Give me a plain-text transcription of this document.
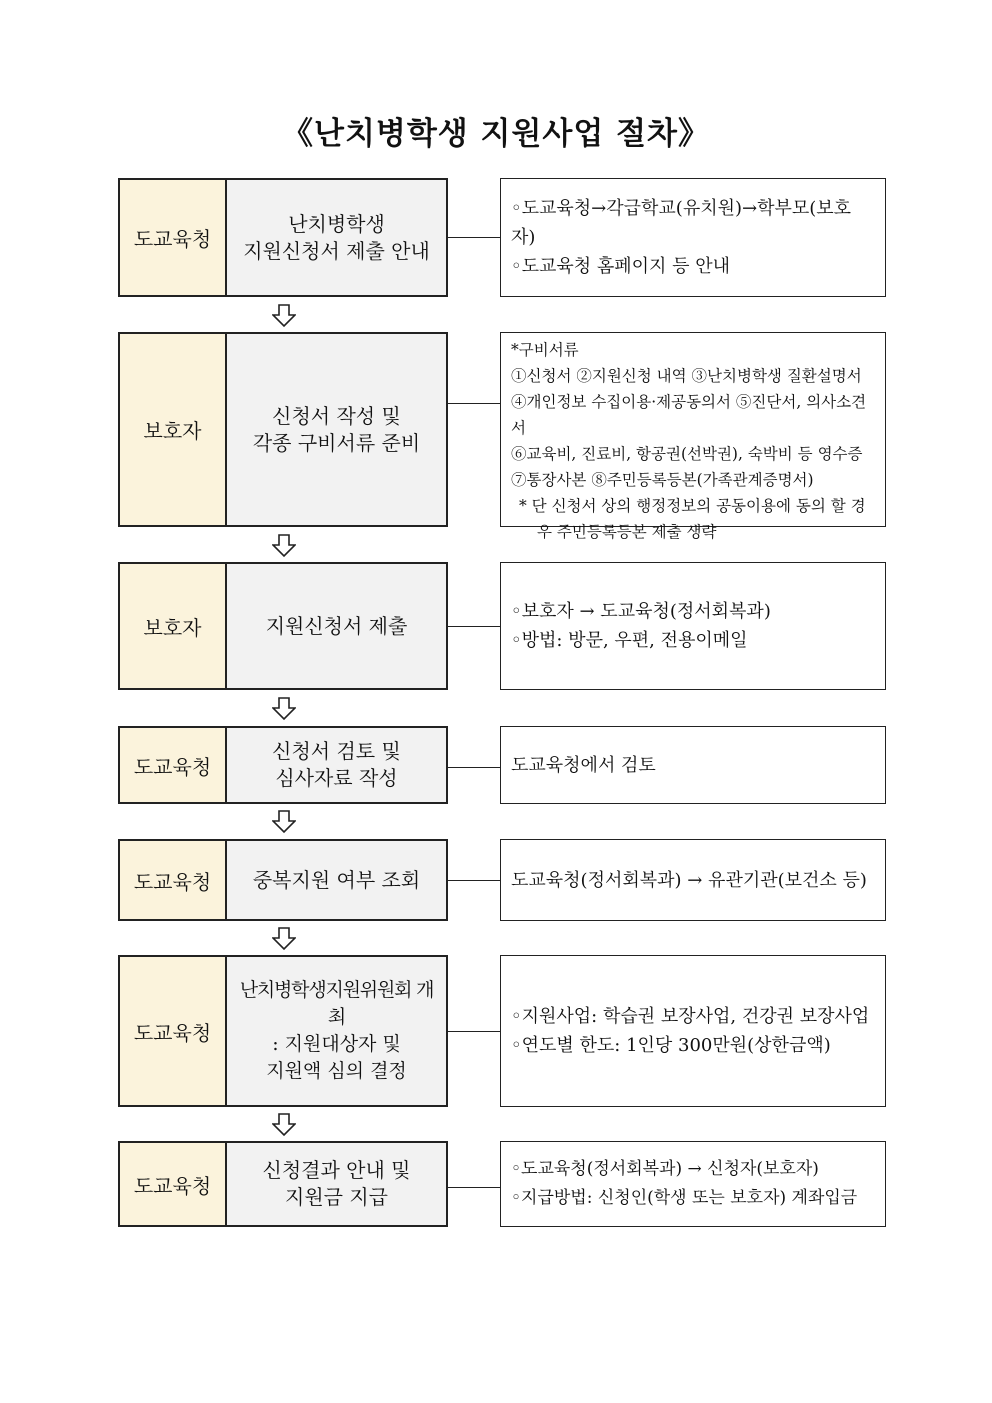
《난치병학생 지원사업 절차》
도교육청
난치병학생
지원신청서 제출 안내
◦도교육청→각급학교(유치원)→학부모(보호자)
◦도교육청 홈페이지 등 안내
보호자
신청서 작성 및
각종 구비서류 준비
*구비서류
①신청서 ②지원신청 내역 ③난치병학생 질환설명서
④개인정보 수집이용·제공동의서 ⑤진단서, 의사소견서
⑥교육비, 진료비, 항공권(선박권), 숙박비 등 영수증
⑦통장사본 ⑧주민등록등본(가족관계증명서)
* 단 신청서 상의 행정정보의 공동이용에 동의 할 경우 주민등록등본 제출 생략
보호자	지원신청서 제출
◦보호자 → 도교육청(정서회복과)
◦방법: 방문, 우편, 전용이메일
도교육청
신청서 검토 및
심사자료 작성
도교육청에서 검토
도교육청	중복지원 여부 조회	도교육청(정서회복과) → 유관기관(보건소 등)
도교육청
난치병학생지원위원회 개최
: 지원대상자 및
지원액 심의 결정
◦지원사업: 학습권 보장사업, 건강권 보장사업
◦연도별 한도: 1인당 300만원(상한금액)
도교육청
신청결과 안내 및
지원금 지급
◦도교육청(정서회복과) → 신청자(보호자)
◦지급방법: 신청인(학생 또는 보호자) 계좌입금
